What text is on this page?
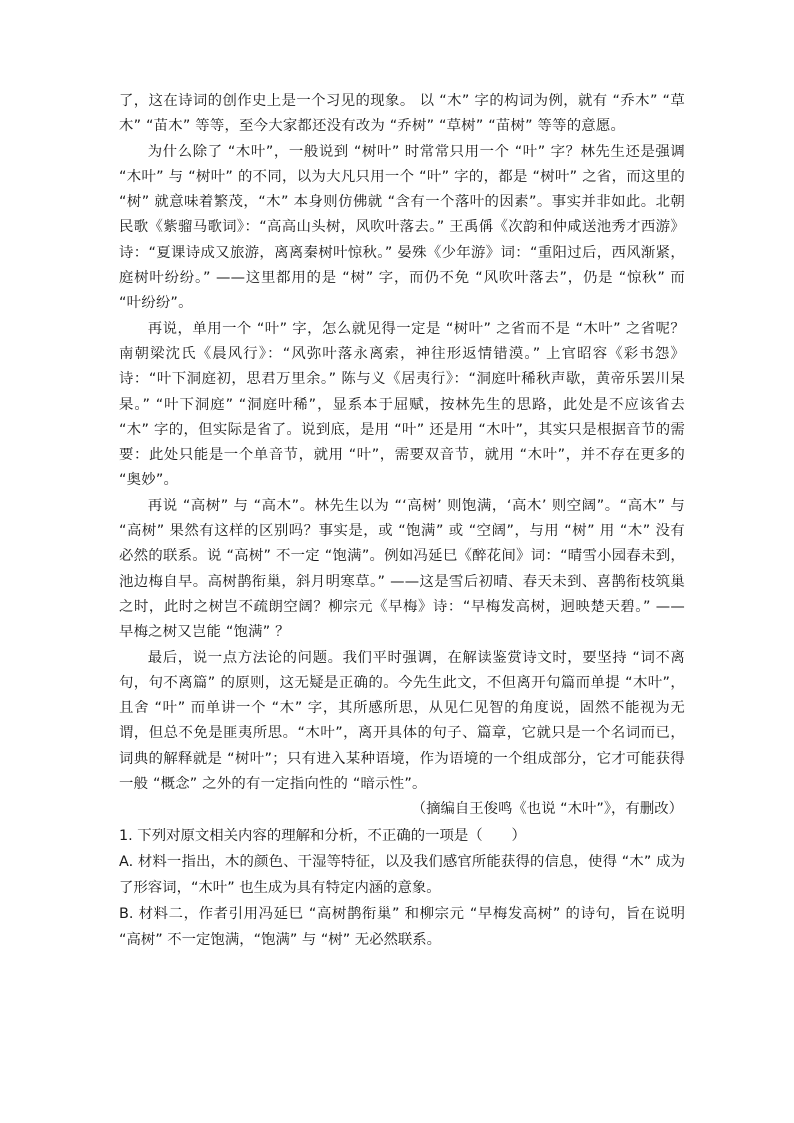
了，这在诗词的创作史上是一个习见的现象。 以 “木” 字的构词为例，就有 “乔木” “草木” “苗木” 等等，至今大家都还没有改为 “乔树” “草树” “苗树” 等等的意愿。

为什么除了 “木叶”，一般说到 “树叶” 时常常只用一个 “叶” 字？林先生还是强调 “木叶” 与 “树叶” 的不同，以为大凡只用一个 “叶” 字的，都是 “树叶” 之省，而这里的 “树” 就意味着繁茂，“木” 本身则仿佛就 “含有一个落叶的因素”。事实并非如此。北朝民歌《紫骝马歌词》：“高高山头树，风吹叶落去。” 王禹偁《次韵和仲咸送池秀才西游》诗：“夏课诗成又旅游，离离秦树叶惊秋。” 晏殊《少年游》词：“重阳过后，西风渐紧，庭树叶纷纷。” ——这里都用的是 “树” 字，而仍不免 “风吹叶落去”，仍是 “惊秋” 而 “叶纷纷”。

再说，单用一个 “叶” 字，怎么就见得一定是 “树叶” 之省而不是 “木叶” 之省呢？南朝梁沈氏《晨风行》：“风弥叶落永离索，神往形返情错漠。” 上官昭容《彩书怨》诗：“叶下洞庭初，思君万里余。” 陈与义《居夷行》：“洞庭叶稀秋声歇，黄帝乐罢川杲杲。” “叶下洞庭” “洞庭叶稀”，显系本于屈赋，按林先生的思路，此处是不应该省去 “木” 字的，但实际是省了。说到底，是用 “叶” 还是用 “木叶”，其实只是根据音节的需要：此处只能是一个单音节，就用 “叶”，需要双音节，就用 “木叶”，并不存在更多的 “奥妙”。

再说 “高树” 与 “高木”。林先生以为 “‘高树’ 则饱满，‘高木’ 则空阔”。“高木” 与 “高树” 果然有这样的区别吗？事实是，或 “饱满” 或 “空阔”，与用 “树” 用 “木” 没有必然的联系。说 “高树” 不一定 “饱满”。例如冯延巳《醉花间》词：“晴雪小园春未到，池边梅自早。高树鹊衔巢，斜月明寒草。” ——这是雪后初晴、春天未到、喜鹊衔枝筑巢之时，此时之树岂不疏朗空阔？柳宗元《早梅》诗：“早梅发高树，迥映楚天碧。” ——早梅之树又岂能 “饱满” ？

最后，说一点方法论的问题。我们平时强调，在解读鉴赏诗文时，要坚持 “词不离句，句不离篇” 的原则，这无疑是正确的。今先生此文，不但离开句篇而单提 “木叶”，且舍 “叶” 而单讲一个 “木” 字，其所感所思，从见仁见智的角度说，固然不能视为无谓，但总不免是匪夷所思。“木叶”，离开具体的句子、篇章，它就只是一个名词而已，词典的解释就是 “树叶”；只有进入某种语境，作为语境的一个组成部分，它才可能获得一般 “概念” 之外的有一定指向性的 “暗示性”。

（摘编自王俊鸣《也说 “木叶”》，有删改）

1. 下列对原文相关内容的理解和分析，不正确的一项是（　　）

A. 材料一指出，木的颜色、干湿等特征，以及我们感官所能获得的信息，使得 “木” 成为了形容词，“木叶” 也生成为具有特定内涵的意象。

B. 材料二，作者引用冯延巳 “高树鹊衔巢” 和柳宗元 “早梅发高树” 的诗句，旨在说明 “高树” 不一定饱满，“饱满” 与 “树” 无必然联系。
